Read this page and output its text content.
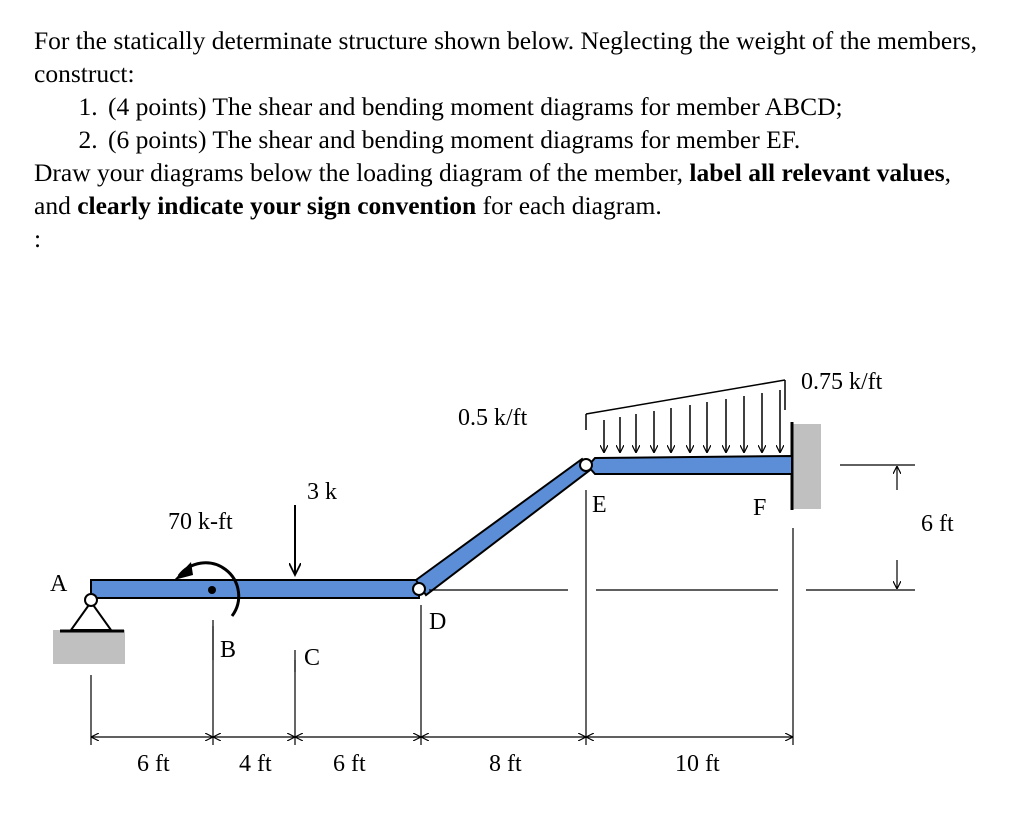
For the statically determinate structure shown below. Neglecting the weight of the members, construct:

1. (4 points) The shear and bending moment diagrams for member ABCD;
2. (6 points) The shear and bending moment diagrams for member EF.

Draw your diagrams below the loading diagram of the member, label all relevant values, and clearly indicate your sign convention for each diagram.

:

A
B	C
D
E	F
70 k-ft
3 k
0.5 k/ft
0.75 k/ft
6 ft	4 ft	6 ft	8 ft	10 ft
6 ft
